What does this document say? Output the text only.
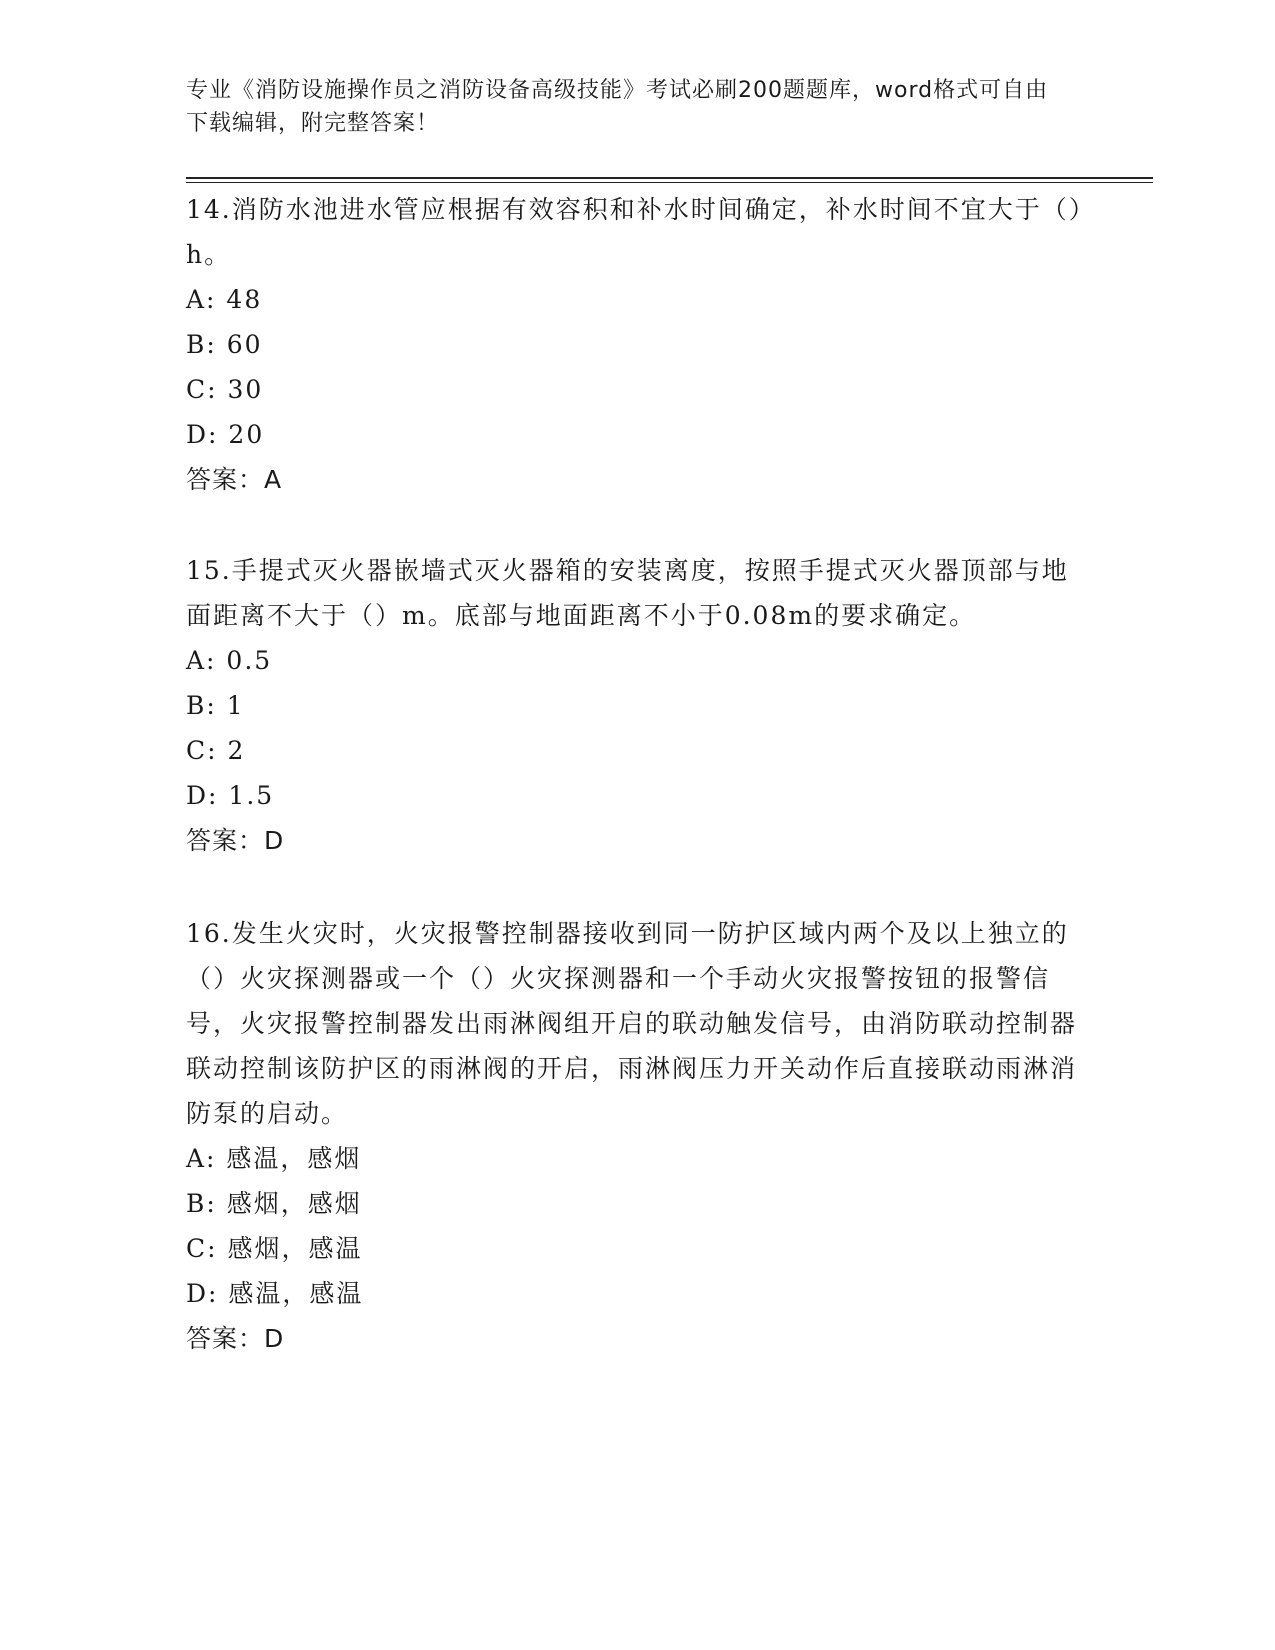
专业《消防设施操作员之消防设备高级技能》考试必刷200题题库，word格式可自由下载编辑，附完整答案！

14.消防水池进水管应根据有效容积和补水时间确定，补水时间不宜大于（）h。

A: 48

B: 60

C: 30

D: 20

答案：A

15.手提式灭火器嵌墙式灭火器箱的安装离度，按照手提式灭火器顶部与地面距离不大于（）m。底部与地面距离不小于0.08m的要求确定。

A: 0.5

B: 1

C: 2

D: 1.5

答案：D

16.发生火灾时，火灾报警控制器接收到同一防护区域内两个及以上独立的（）火灾探测器或一个（）火灾探测器和一个手动火灾报警按钮的报警信号，火灾报警控制器发出雨淋阀组开启的联动触发信号，由消防联动控制器联动控制该防护区的雨淋阀的开启，雨淋阀压力开关动作后直接联动雨淋消防泵的启动。

A: 感温，感烟

B: 感烟，感烟

C: 感烟，感温

D: 感温，感温

答案：D
